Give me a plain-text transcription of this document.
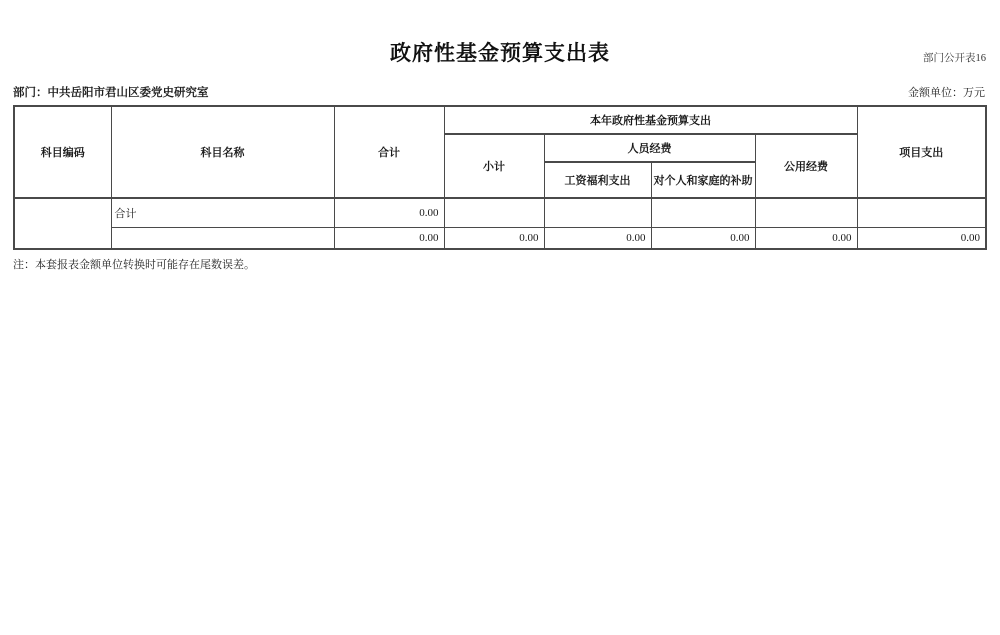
部门公开表16
政府性基金预算支出表
部门：中共岳阳市君山区委党史研究室	金额单位：万元
科目编码	科目名称	合计	本年政府性基金预算支出				项目支出
			小计	人员经费		公用经费	
				工资福利支出	对个人和家庭的补助		
	合计	0.00					
		0.00	0.00	0.00	0.00	0.00	0.00
注：本套报表金额单位转换时可能存在尾数误差。
